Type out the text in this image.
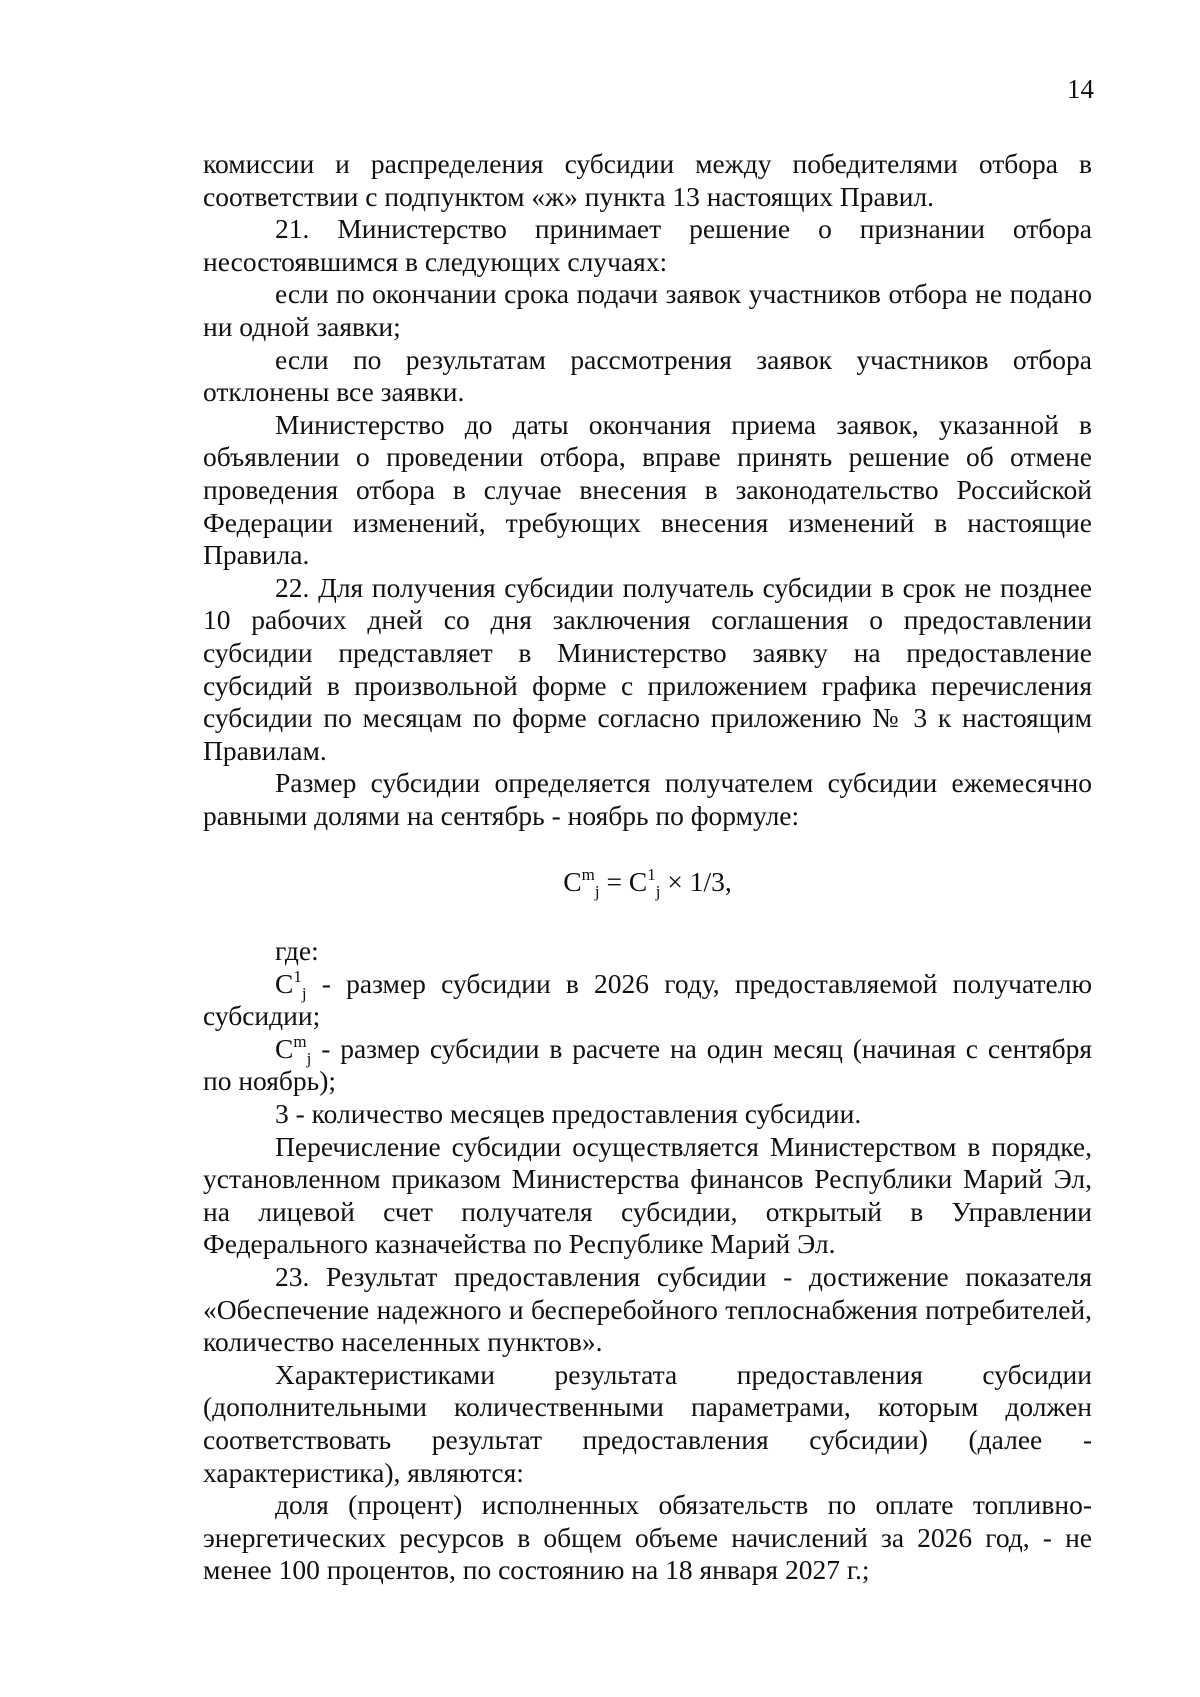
14

комиссии и распределения субсидии между победителями отбора в соответствии с подпунктом «ж» пункта 13 настоящих Правил.

21. Министерство принимает решение о признании отбора несостоявшимся в следующих случаях:

если по окончании срока подачи заявок участников отбора не подано ни одной заявки;

если по результатам рассмотрения заявок участников отбора отклонены все заявки.

Министерство до даты окончания приема заявок, указанной в объявлении о проведении отбора, вправе принять решение об отмене проведения отбора в случае внесения в законодательство Российской Федерации изменений, требующих внесения изменений в настоящие Правила.

22. Для получения субсидии получатель субсидии в срок не позднее 10 рабочих дней со дня заключения соглашения о предоставлении субсидии представляет в Министерство заявку на предоставление субсидий в произвольной форме с приложением графика перечисления субсидии по месяцам по форме согласно приложению № 3 к настоящим Правилам.

Размер субсидии определяется получателем субсидии ежемесячно равными долями на сентябрь - ноябрь по формуле:

$C^m_j = C^1_j \times 1/3$,

где:

$C^1_j$ - размер субсидии в 2026 году, предоставляемой получателю субсидии;

$C^m_j$ - размер субсидии в расчете на один месяц (начиная с сентября по ноябрь);

3 - количество месяцев предоставления субсидии.

Перечисление субсидии осуществляется Министерством в порядке, установленном приказом Министерства финансов Республики Марий Эл, на лицевой счет получателя субсидии, открытый в Управлении Федерального казначейства по Республике Марий Эл.

23. Результат предоставления субсидии - достижение показателя «Обеспечение надежного и бесперебойного теплоснабжения потребителей, количество населенных пунктов».

Характеристиками результата предоставления субсидии (дополнительными количественными параметрами, которым должен соответствовать результат предоставления субсидии) (далее - характеристика), являются:

доля (процент) исполненных обязательств по оплате топливно-энергетических ресурсов в общем объеме начислений за 2026 год, - не менее 100 процентов, по состоянию на 18 января 2027 г.;
